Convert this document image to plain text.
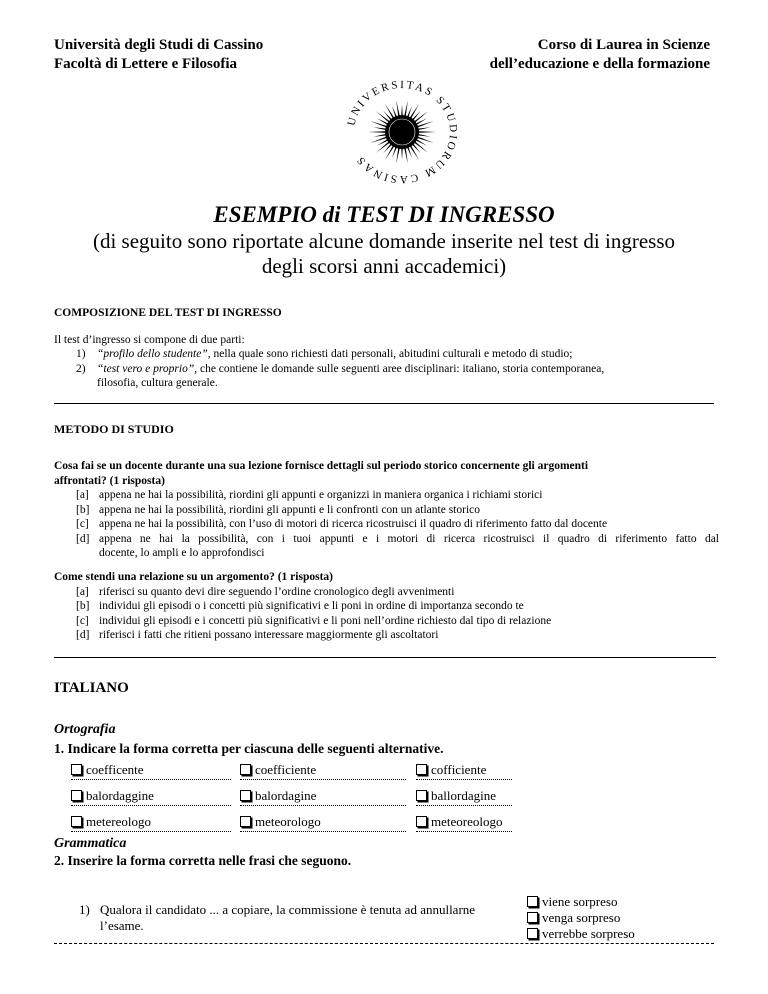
Università degli Studi di Cassino
Facoltà di Lettere e Filosofia
Corso di Laurea in Scienze
dell’educazione e della formazione
UNIVERSITAS STUDIORUM CASINAS
ESEMPIO di TEST DI INGRESSO
(di seguito sono riportate alcune domande inserite nel test di ingresso
degli scorsi anni accademici)
COMPOSIZIONE DEL TEST DI INGRESSO
Il test d’ingresso si compone di due parti:
1) “profilo dello studente”, nella quale sono richiesti dati personali, abitudini culturali e metodo di studio;
2) “test vero e proprio”, che contiene le domande sulle seguenti aree disciplinari: italiano, storia contemporanea,
filosofia, cultura generale.
METODO DI STUDIO
Cosa fai se un docente durante una sua lezione fornisce dettagli sul periodo storico concernente gli argomenti
affrontati? (1 risposta)
[a] appena ne hai la possibilità, riordini gli appunti e organizzi in maniera organica i richiami storici
[b] appena ne hai la possibilità, riordini gli appunti e li confronti con un atlante storico
[c] appena ne hai la possibilità, con l’uso di motori di ricerca ricostruisci il quadro di riferimento fatto dal docente
[d] appena ne hai la possibilità, con i tuoi appunti e i motori di ricerca ricostruisci il quadro di riferimento fatto dal
docente, lo ampli e lo approfondisci
Come stendi una relazione su un argomento? (1 risposta)
[a] riferisci su quanto devi dire seguendo l’ordine cronologico degli avvenimenti
[b] individui gli episodi o i concetti più significativi e li poni in ordine di importanza secondo te
[c] individui gli episodi e i concetti più significativi e li poni nell’ordine richiesto dal tipo di relazione
[d] riferisci i fatti che ritieni possano interessare maggiormente gli ascoltatori
ITALIANO
Ortografia
1. Indicare la forma corretta per ciascuna delle seguenti alternative.
coefficente	coefficiente	cofficiente
balordaggine	balordagine	ballordagine
metereologo	meteorologo	meteoreologo
Grammatica
2. Inserire la forma corretta nelle frasi che seguono.
1) Qualora il candidato ... a copiare, la commissione è tenuta ad annullarne
l’esame.
viene sorpreso
venga sorpreso
verrebbe sorpreso
